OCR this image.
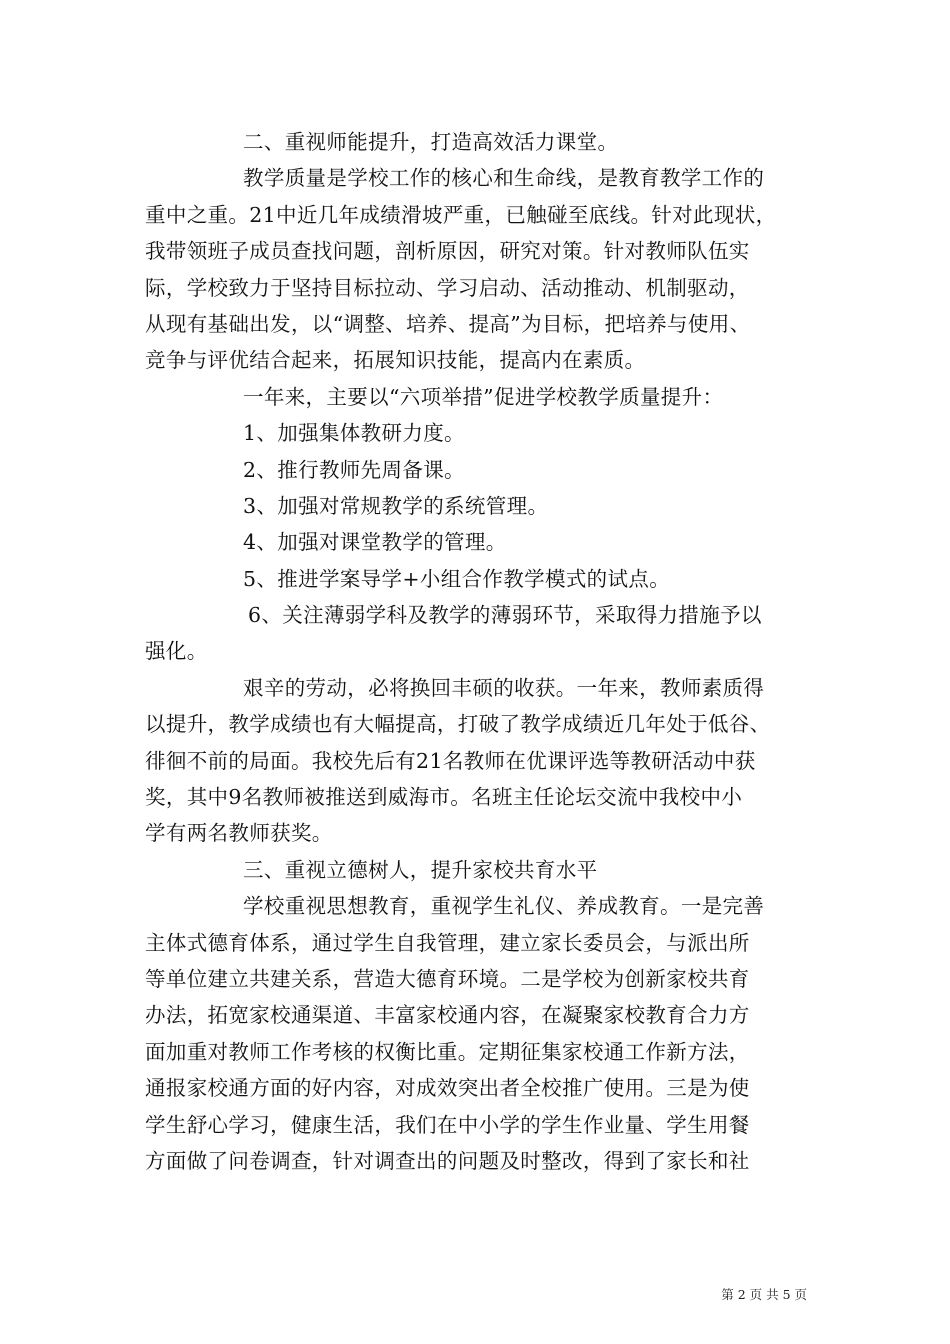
二、重视师能提升，打造高效活力课堂。
教学质量是学校工作的核心和生命线，是教育教学工作的
重中之重。21中近几年成绩滑坡严重，已触碰至底线。针对此现状，
我带领班子成员查找问题，剖析原因，研究对策。针对教师队伍实
际，学校致力于坚持目标拉动、学习启动、活动推动、机制驱动，
从现有基础出发，以“调整、培养、提高”为目标，把培养与使用、
竞争与评优结合起来，拓展知识技能，提高内在素质。
一年来，主要以“六项举措”促进学校教学质量提升：
1、加强集体教研力度。
2、推行教师先周备课。
3、加强对常规教学的系统管理。
4、加强对课堂教学的管理。
5、推进学案导学+小组合作教学模式的试点。
6、关注薄弱学科及教学的薄弱环节，采取得力措施予以
强化。
艰辛的劳动，必将换回丰硕的收获。一年来，教师素质得
以提升，教学成绩也有大幅提高，打破了教学成绩近几年处于低谷、
徘徊不前的局面。我校先后有21名教师在优课评选等教研活动中获
奖，其中9名教师被推送到威海市。名班主任论坛交流中我校中小
学有两名教师获奖。
三、重视立德树人，提升家校共育水平
学校重视思想教育，重视学生礼仪、养成教育。一是完善
主体式德育体系，通过学生自我管理，建立家长委员会，与派出所
等单位建立共建关系，营造大德育环境。二是学校为创新家校共育
办法，拓宽家校通渠道、丰富家校通内容，在凝聚家校教育合力方
面加重对教师工作考核的权衡比重。定期征集家校通工作新方法，
通报家校通方面的好内容，对成效突出者全校推广使用。三是为使
学生舒心学习，健康生活，我们在中小学的学生作业量、学生用餐
方面做了问卷调查，针对调查出的问题及时整改，得到了家长和社
第 2 页 共 5 页
